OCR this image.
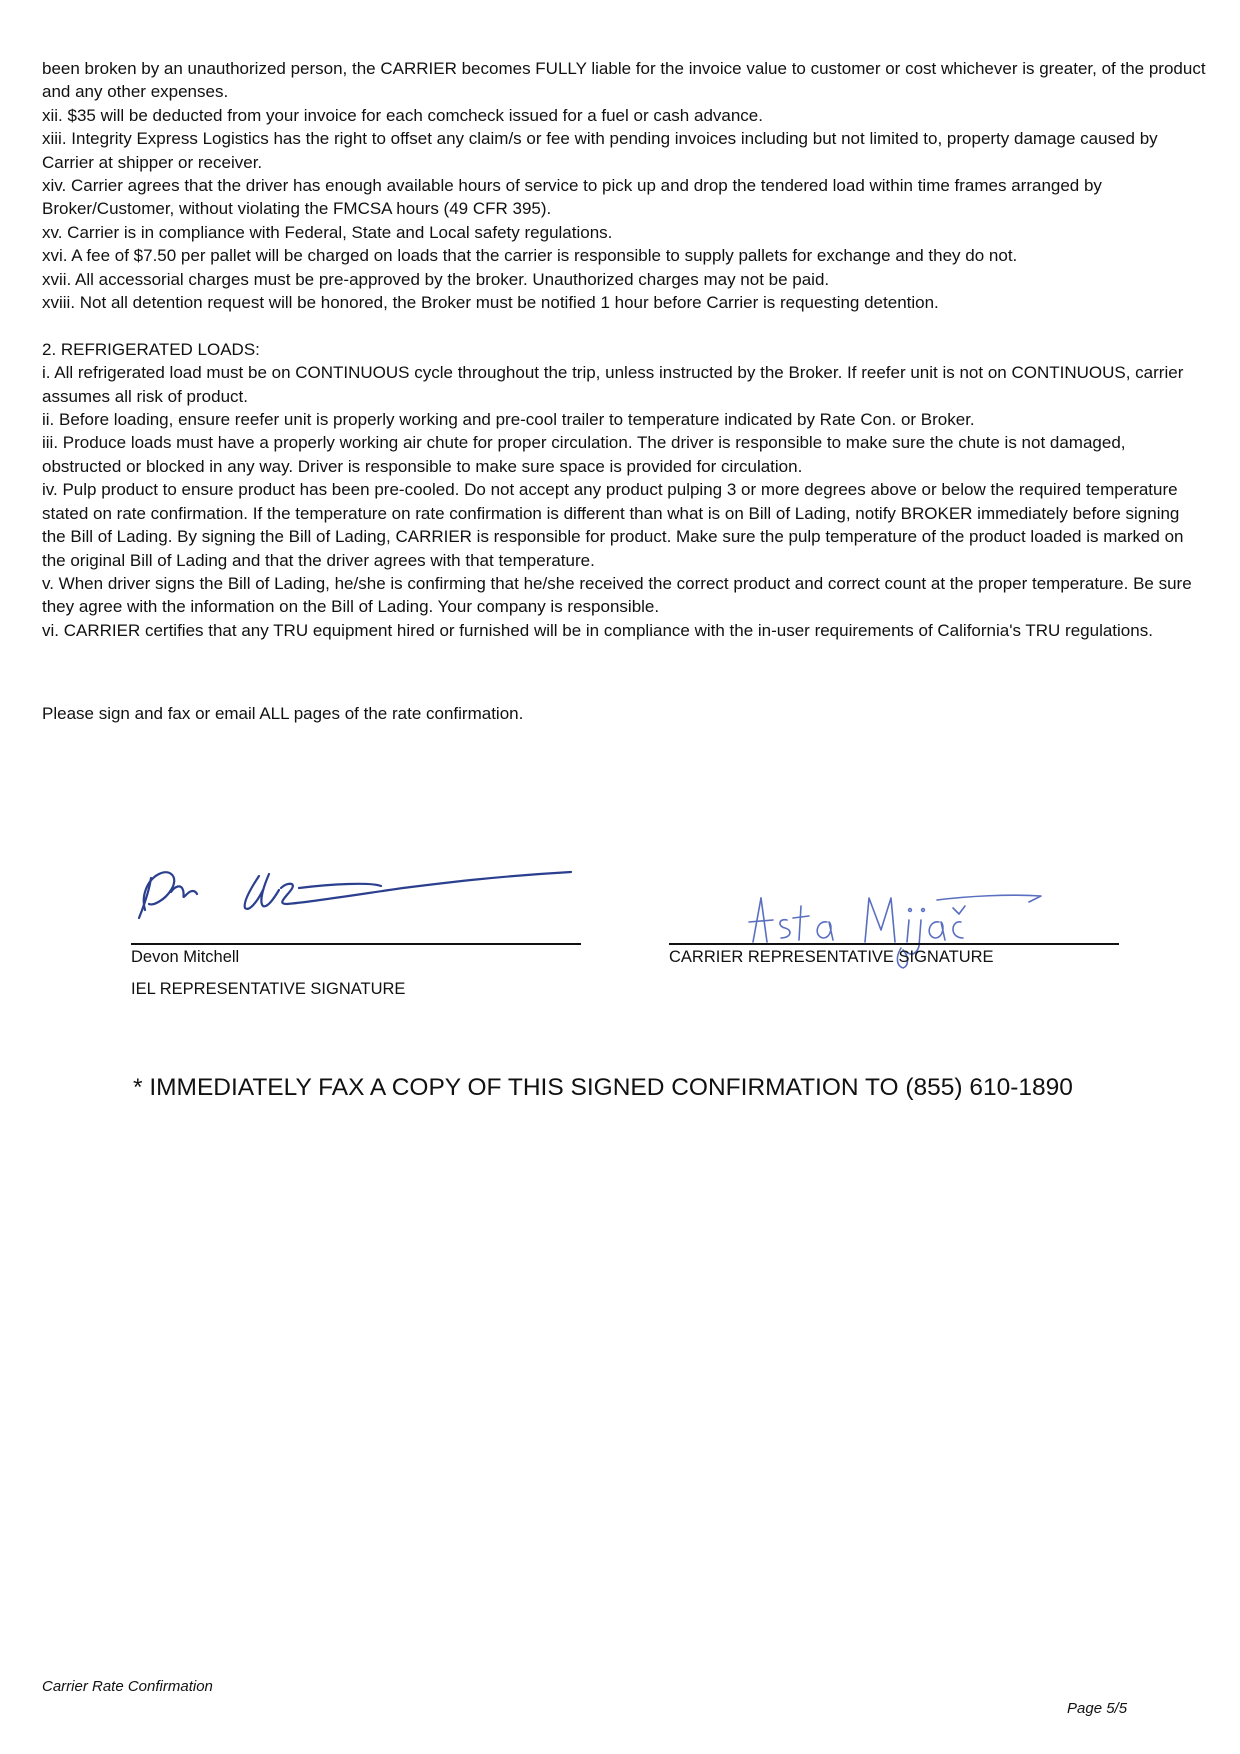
been broken by an unauthorized person, the CARRIER becomes FULLY liable for the invoice value to customer or cost whichever is greater, of the product and any other expenses.

xii. $35 will be deducted from your invoice for each comcheck issued for a fuel or cash advance.

xiii. Integrity Express Logistics has the right to offset any claim/s or fee with pending invoices including but not limited to, property damage caused by Carrier at shipper or receiver.

xiv. Carrier agrees that the driver has enough available hours of service to pick up and drop the tendered load within time frames arranged by Broker/Customer, without violating the FMCSA hours (49 CFR 395).

xv. Carrier is in compliance with Federal, State and Local safety regulations.

xvi. A fee of $7.50 per pallet will be charged on loads that the carrier is responsible to supply pallets for exchange and they do not.

xvii. All accessorial charges must be pre-approved by the broker. Unauthorized charges may not be paid.

xviii. Not all detention request will be honored, the Broker must be notified 1 hour before Carrier is requesting detention.

2. REFRIGERATED LOADS:

i. All refrigerated load must be on CONTINUOUS cycle throughout the trip, unless instructed by the Broker. If reefer unit is not on CONTINUOUS, carrier assumes all risk of product.

ii. Before loading, ensure reefer unit is properly working and pre-cool trailer to temperature indicated by Rate Con. or Broker.

iii. Produce loads must have a properly working air chute for proper circulation. The driver is responsible to make sure the chute is not damaged, obstructed or blocked in any way. Driver is responsible to make sure space is provided for circulation.

iv. Pulp product to ensure product has been pre-cooled. Do not accept any product pulping 3 or more degrees above or below the required temperature stated on rate confirmation. If the temperature on rate confirmation is different than what is on Bill of Lading, notify BROKER immediately before signing the Bill of Lading. By signing the Bill of Lading, CARRIER is responsible for product. Make sure the pulp temperature of the product loaded is marked on the original Bill of Lading and that the driver agrees with that temperature.

v. When driver signs the Bill of Lading, he/she is confirming that he/she received the correct product and correct count at the proper temperature. Be sure they agree with the information on the Bill of Lading. Your company is responsible.

vi. CARRIER certifies that any TRU equipment hired or furnished will be in compliance with the in-user requirements of California's TRU regulations.

Please sign and fax or email ALL pages of the rate confirmation.

Devon Mitchell
IEL REPRESENTATIVE SIGNATURE
CARRIER REPRESENTATIVE SIGNATURE

* IMMEDIATELY FAX A COPY OF THIS SIGNED CONFIRMATION TO (855) 610-1890

Carrier Rate Confirmation

Page 5/5
